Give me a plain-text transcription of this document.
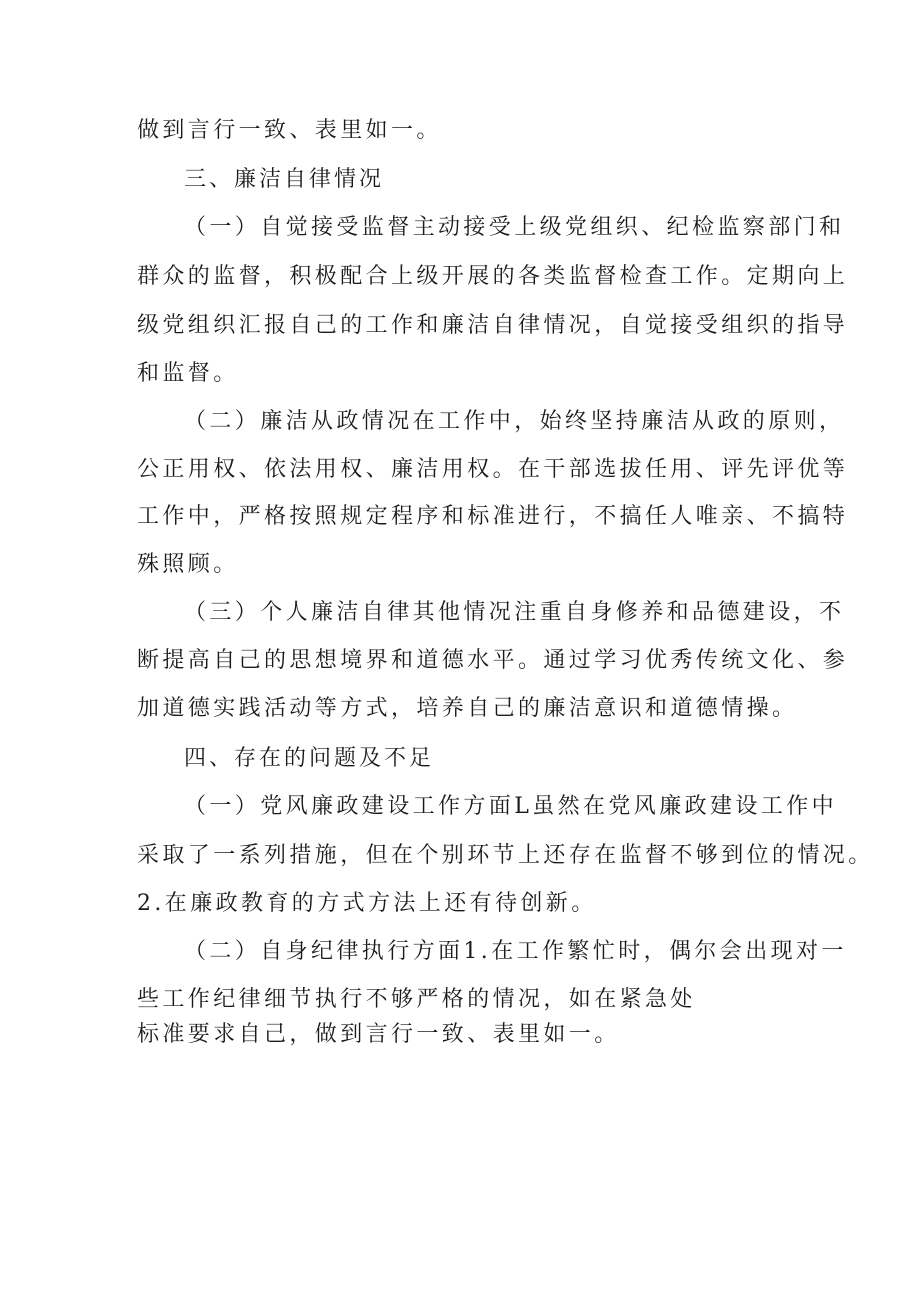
做到言行一致、表里如一。
三、廉洁自律情况
（一）自觉接受监督主动接受上级党组织、纪检监察部门和
群众的监督，积极配合上级开展的各类监督检查工作。定期向上
级党组织汇报自己的工作和廉洁自律情况，自觉接受组织的指导
和监督。
（二）廉洁从政情况在工作中，始终坚持廉洁从政的原则，
公正用权、依法用权、廉洁用权。在干部选拔任用、评先评优等
工作中，严格按照规定程序和标准进行，不搞任人唯亲、不搞特
殊照顾。
（三）个人廉洁自律其他情况注重自身修养和品德建设，不
断提高自己的思想境界和道德水平。通过学习优秀传统文化、参
加道德实践活动等方式，培养自己的廉洁意识和道德情操。
四、存在的问题及不足
（一）党风廉政建设工作方面L虽然在党风廉政建设工作中
采取了一系列措施，但在个别环节上还存在监督不够到位的情况。
2.在廉政教育的方式方法上还有待创新。
（二）自身纪律执行方面1.在工作繁忙时，偶尔会出现对一
些工作纪律细节执行不够严格的情况，如在紧急处
标准要求自己，做到言行一致、表里如一。
